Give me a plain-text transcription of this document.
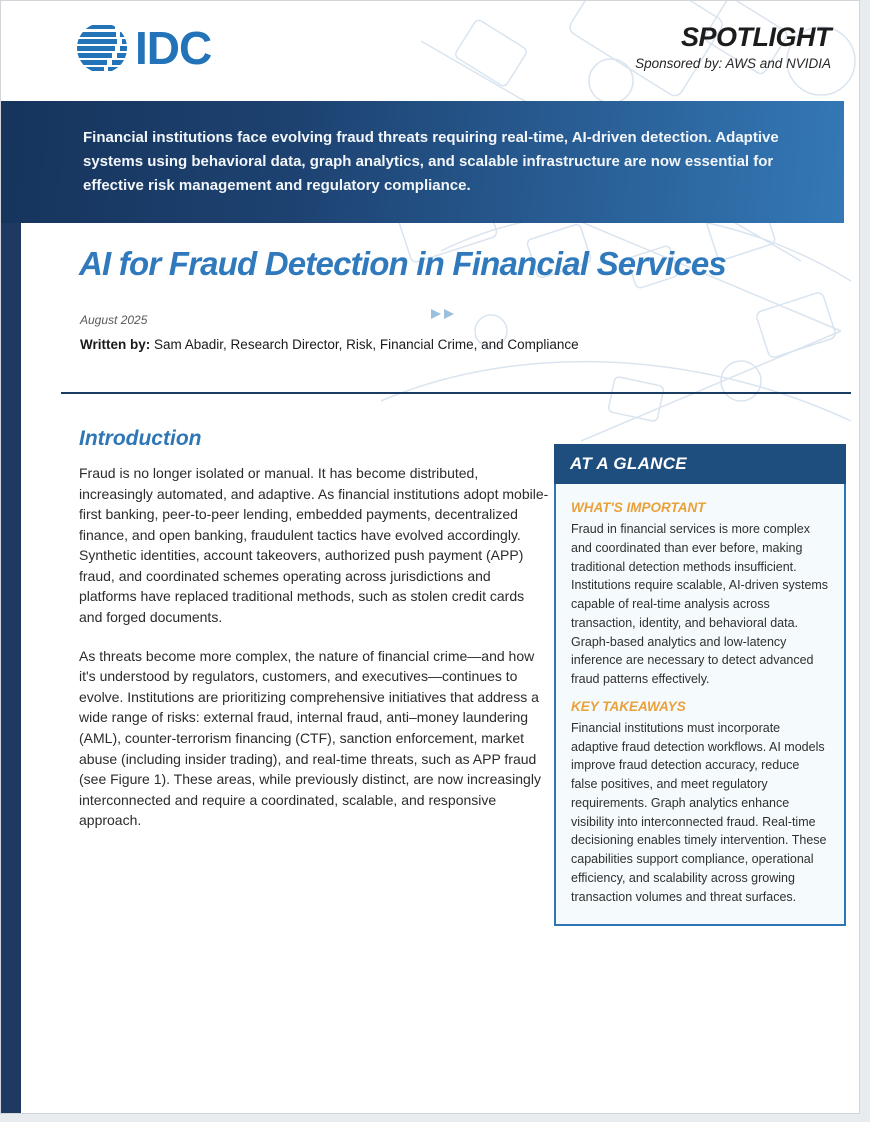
IDC	SPOTLIGHT
Sponsored by: AWS and NVIDIA

Financial institutions face evolving fraud threats requiring real-time, AI-driven detection. Adaptive systems using behavioral data, graph analytics, and scalable infrastructure are now essential for effective risk management and regulatory compliance.

AI for Fraud Detection in Financial Services
August 2025
Written by: Sam Abadir, Research Director, Risk, Financial Crime, and Compliance
Introduction

Fraud is no longer isolated or manual. It has become distributed, increasingly automated, and adaptive. As financial institutions adopt mobile-first banking, peer-to-peer lending, embedded payments, decentralized finance, and open banking, fraudulent tactics have evolved accordingly. Synthetic identities, account takeovers, authorized push payment (APP) fraud, and coordinated schemes operating across jurisdictions and platforms have replaced traditional methods, such as stolen credit cards and forged documents.

As threats become more complex, the nature of financial crime—and how it's understood by regulators, customers, and executives—continues to evolve. Institutions are prioritizing comprehensive initiatives that address a wide range of risks: external fraud, internal fraud, anti–money laundering (AML), counter-terrorism financing (CTF), sanction enforcement, market abuse (including insider trading), and real-time threats, such as APP fraud (see Figure 1). These areas, while previously distinct, are now increasingly interconnected and require a coordinated, scalable, and responsive approach.

AT A GLANCE
WHAT'S IMPORTANT

Fraud in financial services is more complex and coordinated than ever before, making traditional detection methods insufficient. Institutions require scalable, AI-driven systems capable of real-time analysis across transaction, identity, and behavioral data. Graph-based analytics and low-latency inference are necessary to detect advanced fraud patterns effectively.

KEY TAKEAWAYS

Financial institutions must incorporate adaptive fraud detection workflows. AI models improve fraud detection accuracy, reduce false positives, and meet regulatory requirements. Graph analytics enhance visibility into interconnected fraud. Real-time decisioning enables timely intervention. These capabilities support compliance, operational efficiency, and scalability across growing transaction volumes and threat surfaces.
